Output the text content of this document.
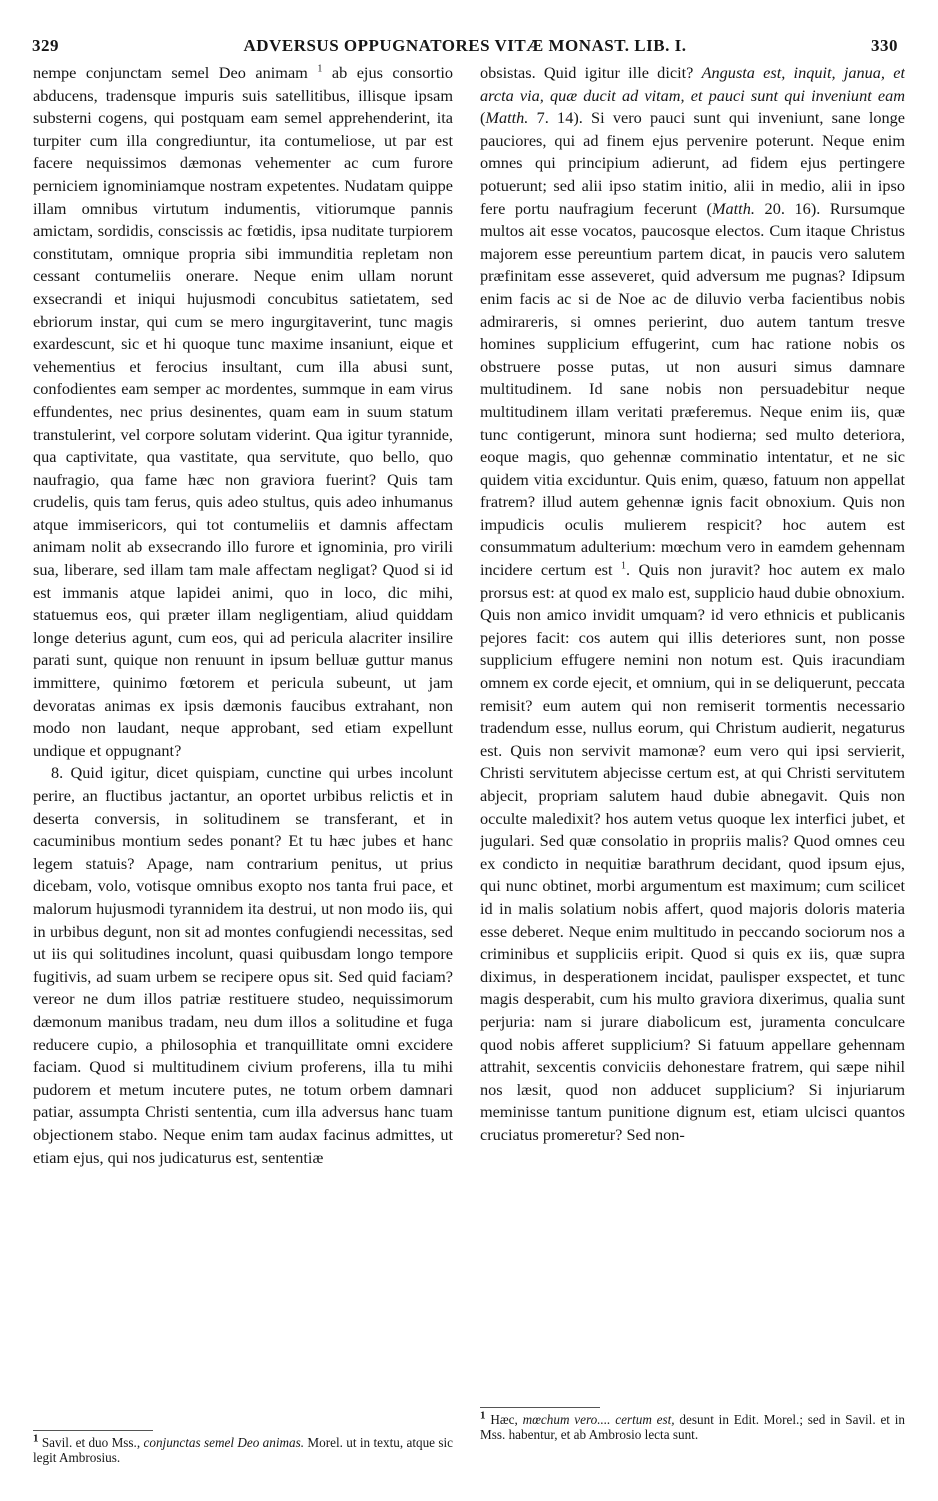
329	ADVERSUS OPPUGNATORES VITÆ MONAST. LIB. I.	330

nempe conjunctam semel Deo animam $^1$ ab ejus consortio abducens, tradensque impuris suis satellitibus, illisque ipsam substerni cogens, qui postquam eam semel apprehenderint, ita turpiter cum illa congrediuntur, ita contumeliose, ut par est facere nequissimos dæmonas vehementer ac cum furore perniciem ignominiamque nostram expetentes. Nudatam quippe illam omnibus virtutum indumentis, vitiorumque pannis amictam, sordidis, conscissis ac fœtidis, ipsa nuditate turpiorem constitutam, omnique propria sibi immunditia repletam non cessant contumeliis onerare. Neque enim ullam norunt exsecrandi et iniqui hujusmodi concubitus satietatem, sed ebriorum instar, qui cum se mero ingurgitaverint, tunc magis exardescunt, sic et hi quoque tunc maxime insaniunt, eique et vehementius et ferocius insultant, cum illa abusi sunt, confodientes eam semper ac mordentes, summque in eam virus effundentes, nec prius desinentes, quam eam in suum statum transtulerint, vel corpore solutam viderint. Qua igitur tyrannide, qua captivitate, qua vastitate, qua servitute, quo bello, quo naufragio, qua fame hæc non graviora fuerint? Quis tam crudelis, quis tam ferus, quis adeo stultus, quis adeo inhumanus atque immisericors, qui tot contumeliis et damnis affectam animam nolit ab exsecrando illo furore et ignominia, pro virili sua, liberare, sed illam tam male affectam negligat? Quod si id est immanis atque lapidei animi, quo in loco, dic mihi, statuemus eos, qui præter illam negligentiam, aliud quiddam longe deterius agunt, cum eos, qui ad pericula alacriter insilire parati sunt, quique non renuunt in ipsum belluæ guttur manus immittere, quinimo fœtorem et pericula subeunt, ut jam devoratas animas ex ipsis dæmonis faucibus extrahant, non modo non laudant, neque approbant, sed etiam expellunt undique et oppugnant?

8. Quid igitur, dicet quispiam, cunctine qui urbes incolunt perire, an fluctibus jactantur, an oportet urbibus relictis et in deserta conversis, in solitudinem se transferant, et in cacuminibus montium sedes ponant? Et tu hæc jubes et hanc legem statuis? Apage, nam contrarium penitus, ut prius dicebam, volo, votisque omnibus exopto nos tanta frui pace, et malorum hujusmodi tyrannidem ita destrui, ut non modo iis, qui in urbibus degunt, non sit ad montes confugiendi necessitas, sed ut iis qui solitudines incolunt, quasi quibusdam longo tempore fugitivis, ad suam urbem se recipere opus sit. Sed quid faciam? vereor ne dum illos patriæ restituere studeo, nequissimorum dæmonum manibus tradam, neu dum illos a solitudine et fuga reducere cupio, a philosophia et tranquillitate omni excidere faciam. Quod si multitudinem civium proferens, illa tu mihi pudorem et metum incutere putes, ne totum orbem damnari patiar, assumpta Christi sententia, cum illa adversus hanc tuam objectionem stabo. Neque enim tam audax facinus admittes, ut etiam ejus, qui nos judicaturus est, sententiæ

obsistas. Quid igitur ille dicit? Angusta est, inquit, janua, et arcta via, quæ ducit ad vitam, et pauci sunt qui inveniunt eam (Matth. 7. 14). Si vero pauci sunt qui inveniunt, sane longe pauciores, qui ad finem ejus pervenire poterunt. Neque enim omnes qui principium adierunt, ad fidem ejus pertingere potuerunt; sed alii ipso statim initio, alii in medio, alii in ipso fere portu naufragium fecerunt (Matth. 20. 16). Rursumque multos ait esse vocatos, paucosque electos. Cum itaque Christus majorem esse pereuntium partem dicat, in paucis vero salutem præfinitam esse asseveret, quid adversum me pugnas? Idipsum enim facis ac si de Noe ac de diluvio verba facientibus nobis admirareris, si omnes perierint, duo autem tantum tresve homines supplicium effugerint, cum hac ratione nobis os obstruere posse putas, ut non ausuri simus damnare multitudinem. Id sane nobis non persuadebitur neque multitudinem illam veritati præferemus. Neque enim iis, quæ tunc contigerunt, minora sunt hodierna; sed multo deteriora, eoque magis, quo gehennæ comminatio intentatur, et ne sic quidem vitia exciduntur. Quis enim, quæso, fatuum non appellat fratrem? illud autem gehennæ ignis facit obnoxium. Quis non impudicis oculis mulierem respicit? hoc autem est consummatum adulterium: mœchum vero in eamdem gehennam incidere certum est $^1$. Quis non juravit? hoc autem ex malo prorsus est: at quod ex malo est, supplicio haud dubie obnoxium. Quis non amico invidit umquam? id vero ethnicis et publicanis pejores facit: cos autem qui illis deteriores sunt, non posse supplicium effugere nemini non notum est. Quis iracundiam omnem ex corde ejecit, et omnium, qui in se deliquerunt, peccata remisit? eum autem qui non remiserit tormentis necessario tradendum esse, nullus eorum, qui Christum audierit, negaturus est. Quis non servivit mamonæ? eum vero qui ipsi servierit, Christi servitutem abjecisse certum est, at qui Christi servitutem abjecit, propriam salutem haud dubie abnegavit. Quis non occulte maledixit? hos autem vetus quoque lex interfici jubet, et jugulari. Sed quæ consolatio in propriis malis? Quod omnes ceu ex condicto in nequitiæ barathrum decidant, quod ipsum ejus, qui nunc obtinet, morbi argumentum est maximum; cum scilicet id in malis solatium nobis affert, quod majoris doloris materia esse deberet. Neque enim multitudo in peccando sociorum nos a criminibus et suppliciis eripit. Quod si quis ex iis, quæ supra diximus, in desperationem incidat, paulisper exspectet, et tunc magis desperabit, cum his multo graviora dixerimus, qualia sunt perjuria: nam si jurare diabolicum est, juramenta conculcare quod nobis afferet supplicium? Si fatuum appellare gehennam attrahit, sexcentis conviciis dehonestare fratrem, qui sæpe nihil nos læsit, quod non adducet supplicium? Si injuriarum meminisse tantum punitione dignum est, etiam ulcisci quantos cruciatus promeretur? Sed non-

$^1$ Savil. et duo Mss., conjunctas semel Deo animas. Morel. ut in textu, atque sic legit Ambrosius.
$^1$ Hæc, mœchum vero.... certum est, desunt in Edit. Morel.; sed in Savil. et in Mss. habentur, et ab Ambrosio lecta sunt.
